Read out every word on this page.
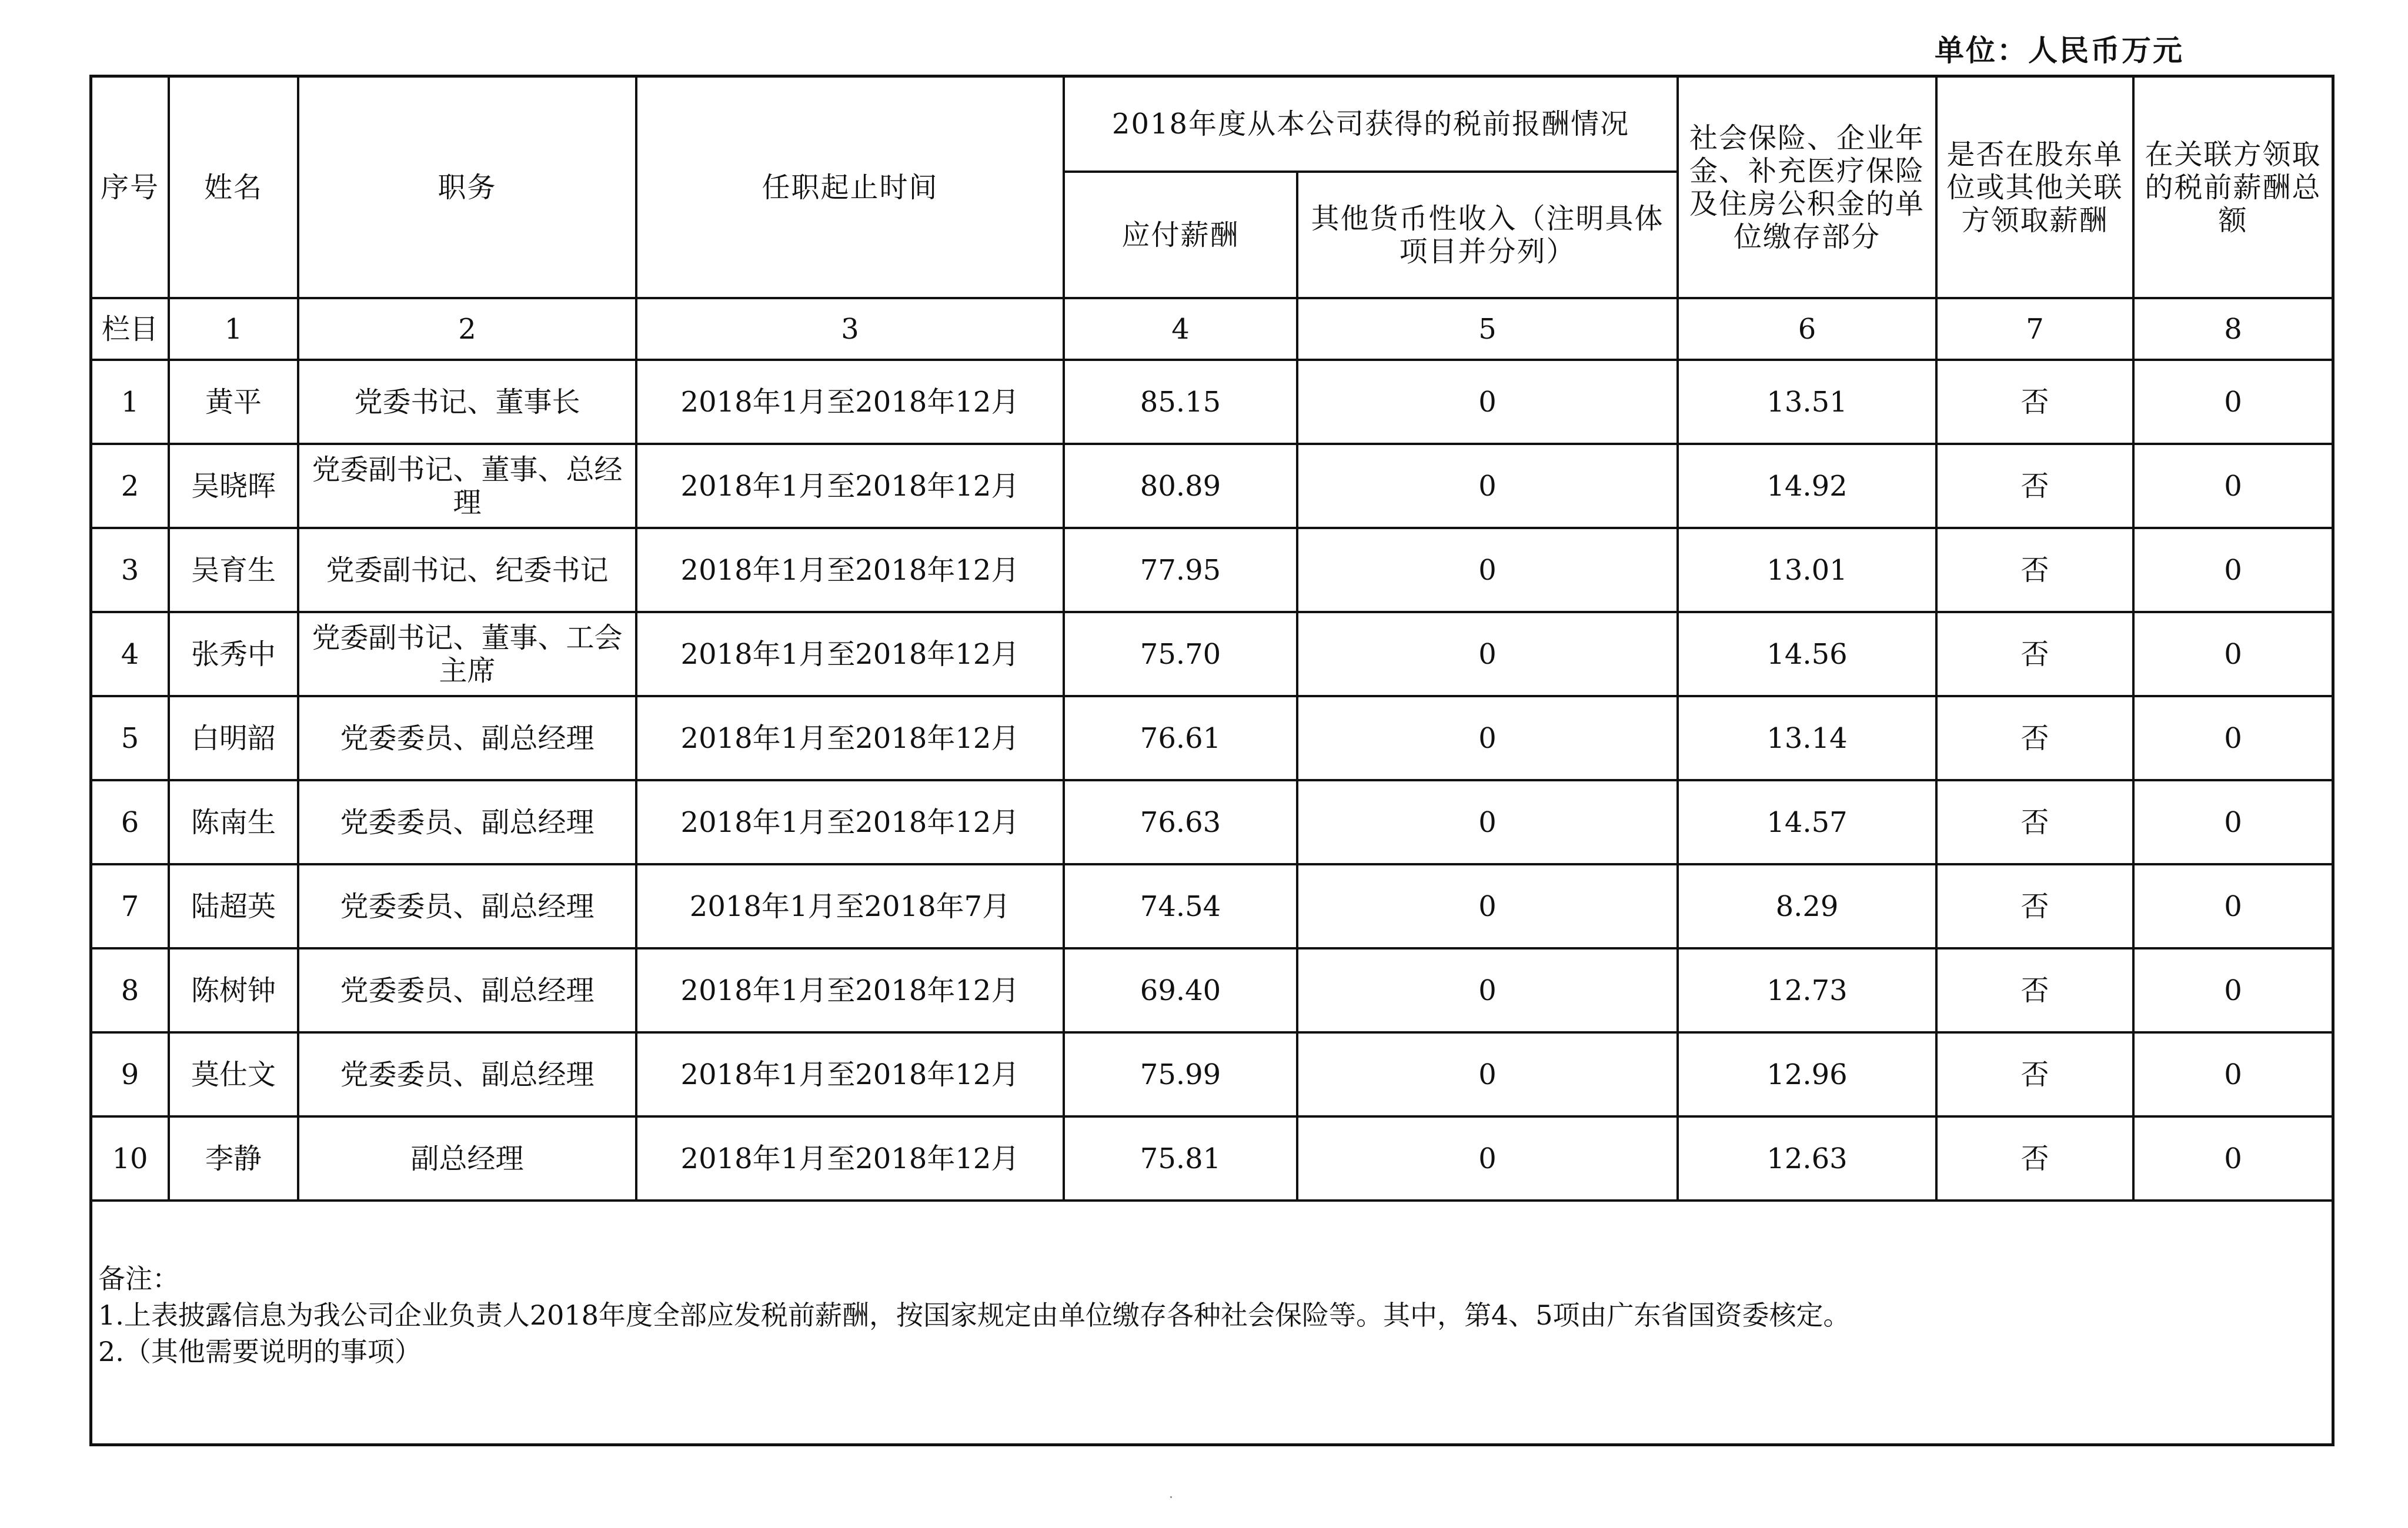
单位：人民币万元
序号	姓名	职务	任职起止时间	2018年度从本公司获得的税前报酬情况		社会保险、企业年金、补充医疗保险及住房公积金的单位缴存部分	是否在股东单位或其他关联方领取薪酬	在关联方领取的税前薪酬总额
				应付薪酬	其他货币性收入（注明具体项目并分列）			
栏目	1	2	3	4	5	6	7	8
1	黄平	党委书记、董事长	2018年1月至2018年12月	85.15	0	13.51	否	0
2	吴晓晖	党委副书记、董事、总经理	2018年1月至2018年12月	80.89	0	14.92	否	0
3	吴育生	党委副书记、纪委书记	2018年1月至2018年12月	77.95	0	13.01	否	0
4	张秀中	党委副书记、董事、工会主席	2018年1月至2018年12月	75.70	0	14.56	否	0
5	白明韶	党委委员、副总经理	2018年1月至2018年12月	76.61	0	13.14	否	0
6	陈南生	党委委员、副总经理	2018年1月至2018年12月	76.63	0	14.57	否	0
7	陆超英	党委委员、副总经理	2018年1月至2018年7月	74.54	0	8.29	否	0
8	陈树钟	党委委员、副总经理	2018年1月至2018年12月	69.40	0	12.73	否	0
9	莫仕文	党委委员、副总经理	2018年1月至2018年12月	75.99	0	12.96	否	0
10	李静	副总经理	2018年1月至2018年12月	75.81	0	12.63	否	0

备注：
1.上表披露信息为我公司企业负责人2018年度全部应发税前薪酬，按国家规定由单位缴存各种社会保险等。其中，第4、5项由广东省国资委核定。
2.（其他需要说明的事项）								
